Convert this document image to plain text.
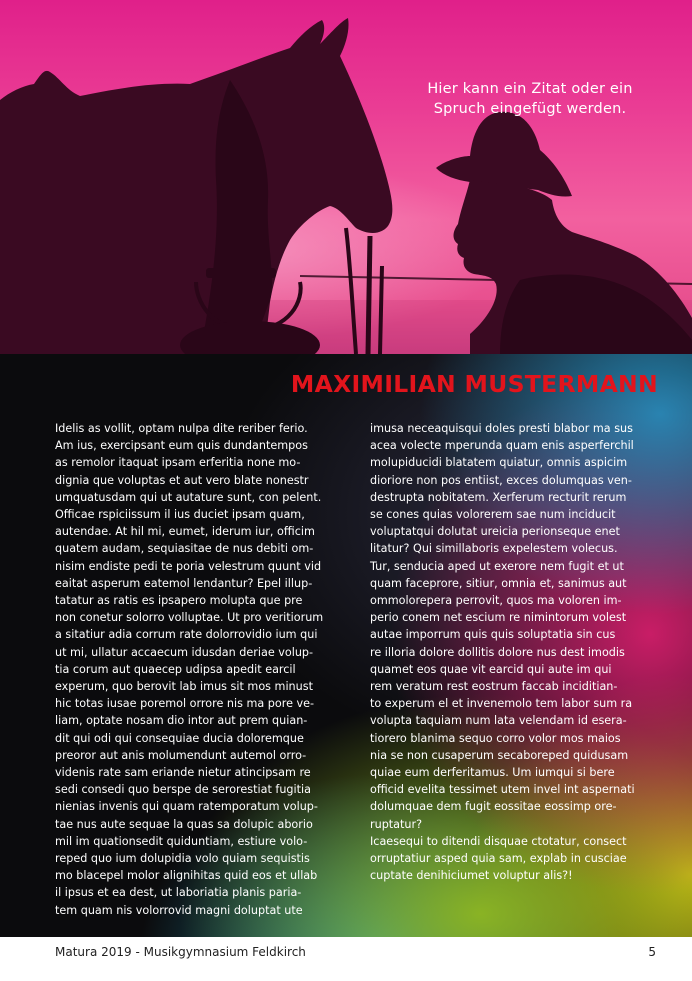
Hier kann ein Zitat oder ein
Spruch eingefügt werden.
MAXIMILIAN MUSTERMANN

Idelis as vollit, optam nulpa dite reriber ferio.
Am ius, exercipsant eum quis dundantempos
as remolor itaquat ipsam erferitia none mo-
dignia que voluptas et aut vero blate nonestr
umquatusdam qui ut autature sunt, con pelent.
Officae rspiciissum il ius duciet ipsam quam,
autendae. At hil mi, eumet, iderum iur, officim
quatem audam, sequiasitae de nus debiti om-
nisim endiste pedi te poria velestrum quunt vid
eaitat asperum eatemol lendantur? Epel illup-
tatatur as ratis es ipsapero molupta que pre
non conetur solorro volluptae. Ut pro veritiorum
a sitatiur adia corrum rate dolorrovidio ium qui
ut mi, ullatur accaecum idusdan deriae volup-
tia corum aut quaecep udipsa apedit earcil
experum, quo berovit lab imus sit mos minust
hic totas iusae poremol orrore nis ma pore ve-
liam, optate nosam dio intor aut prem quian-
dit qui odi qui consequiae ducia doloremque
preoror aut anis molumendunt autemol orro-
videnis rate sam eriande nietur atincipsam re
sedi consedi quo berspe de serorestiat fugitia
nienias invenis qui quam ratemporatum volup-
tae nus aute sequae la quas sa dolupic aborio
mil im quationsedit quiduntiam, estiure volo-
reped quo ium dolupidia volo quiam sequistis
mo blacepel molor alignihitas quid eos et ullab
il ipsus et ea dest, ut laboriatia planis paria-
tem quam nis volorrovid magni doluptat ute

imusa neceaquisqui doles presti blabor ma sus
acea volecte mperunda quam enis asperferchil
molupiducidi blatatem quiatur, omnis aspicim
dioriore non pos entiist, exces dolumquas ven-
destrupta nobitatem. Xerferum recturit rerum
se cones quias volorerem sae num inciducit
voluptatqui dolutat ureicia perionseque enet
litatur? Qui simillaboris expelestem volecus.
Tur, senducia aped ut exerore nem fugit et ut
quam faceprore, sitiur, omnia et, sanimus aut
ommolorepera perrovit, quos ma voloren im-
perio conem net escium re nimintorum volest
autae imporrum quis quis soluptatia sin cus
re illoria dolore dollitis dolore nus dest imodis
quamet eos quae vit earcid qui aute im qui
rem veratum rest eostrum faccab inciditian-
to experum el et invenemolo tem labor sum ra
volupta taquiam num lata velendam id esera-
tiorero blanima sequo corro volor mos maios
nia se non cusaperum secaboreped quidusam
quiae eum derferitamus. Um iumqui si bere
officid evelita tessimet utem invel int aspernati
dolumquae dem fugit eossitae eossimp ore-
ruptatur?
Icaesequi to ditendi disquae ctotatur, consect
orruptatiur asped quia sam, explab in cusciae
cuptate denihiciumet voluptur alis?!

Matura 2019 - Musikgymnasium Feldkirch	5
